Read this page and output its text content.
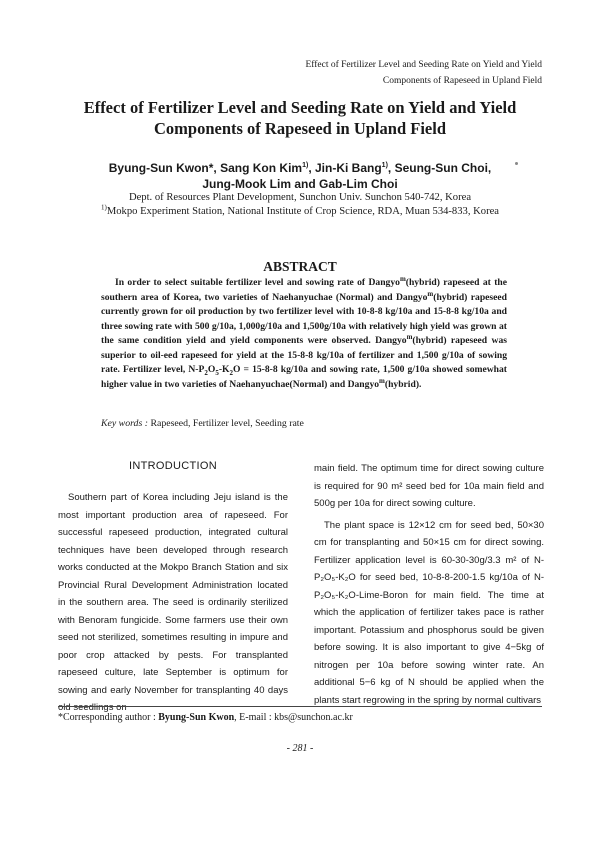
Effect of Fertilizer Level and Seeding Rate on Yield and Yield
Components of Rapeseed in Upland Field
Effect of Fertilizer Level and Seeding Rate on Yield and Yield
Components of Rapeseed in Upland Field
Byung-Sun Kwon*, Sang Kon Kim$^{1)}$, Jin-Ki Bang$^{1)}$, Seung-Sun Choi,
Jung-Mook Lim and Gab-Lim Choi
Dept. of Resources Plant Development, Sunchon Univ. Sunchon 540-742, Korea
$^{1)}$Mokpo Experiment Station, National Institute of Crop Science, RDA, Muan 534-833, Korea
ABSTRACT
In order to select suitable fertilizer level and sowing rate of Dangyo$^m$(hybrid) rapeseed at the southern area of Korea, two varieties of Naehanyuchae (Normal) and Dangyo$^m$(hybrid) rapeseed currently grown for oil production by two fertilizer level with 10-8-8 kg/10a and 15-8-8 kg/10a and three sowing rate with 500 g/10a, 1,000g/10a and 1,500g/10a with relatively high yield was grown at the same condition yield and yield components were observed. Dangyo$^m$(hybrid) rapeseed was superior to oil-eed rapeseed for yield at the 15-8-8 kg/10a of fertilizer and 1,500 g/10a of sowing rate. Fertilizer level, $N-P_2O_5-K_2O = 15-8-8$ kg/10a and sowing rate, 1,500 g/10a showed somewhat higher value in two varieties of Naehanyuchae(Normal) and Dangyo$^m$(hybrid).
Key words : Rapeseed, Fertilizer level, Seeding rate
INTRODUCTION

Southern part of Korea including Jeju island is the most important production area of rapeseed. For successful rapeseed production, integrated cultural techniques have been developed through research works conducted at the Mokpo Branch Station and six Provincial Rural Development Administration located in the southern area. The seed is ordinarily sterilized with Benoram fungicide. Some farmers use their own seed not sterilized, sometimes resulting in impure and poor crop attacked by pests. For transplanted rapeseed culture, late September is optimum for sowing and early November for transplanting 40 days old seedlings on

main field. The optimum time for direct sowing culture is required for 90 m² seed bed for 10a main field and 500g per 10a for direct sowing culture.

The plant space is 12×12 cm for seed bed, 50×30 cm for transplanting and 50×15 cm for direct sowing. Fertilizer application level is 60-30-30g/3.3 m² of N-P₂O₅-K₂O for seed bed, 10-8-8-200-1.5 kg/10a of N-P₂O₅-K₂O-Lime-Boron for main field. The time at which the application of fertilizer takes pace is rather important. Potassium and phosphorus sould be given before sowing. It is also important to give 4−5kg of nitrogen per 10a before sowing winter rate. An additional 5−6 kg of N should be applied when the plants start regrowing in the spring by normal cultivars

*Corresponding author : Byung-Sun Kwon, E-mail : kbs@sunchon.ac.kr
- 281 -
